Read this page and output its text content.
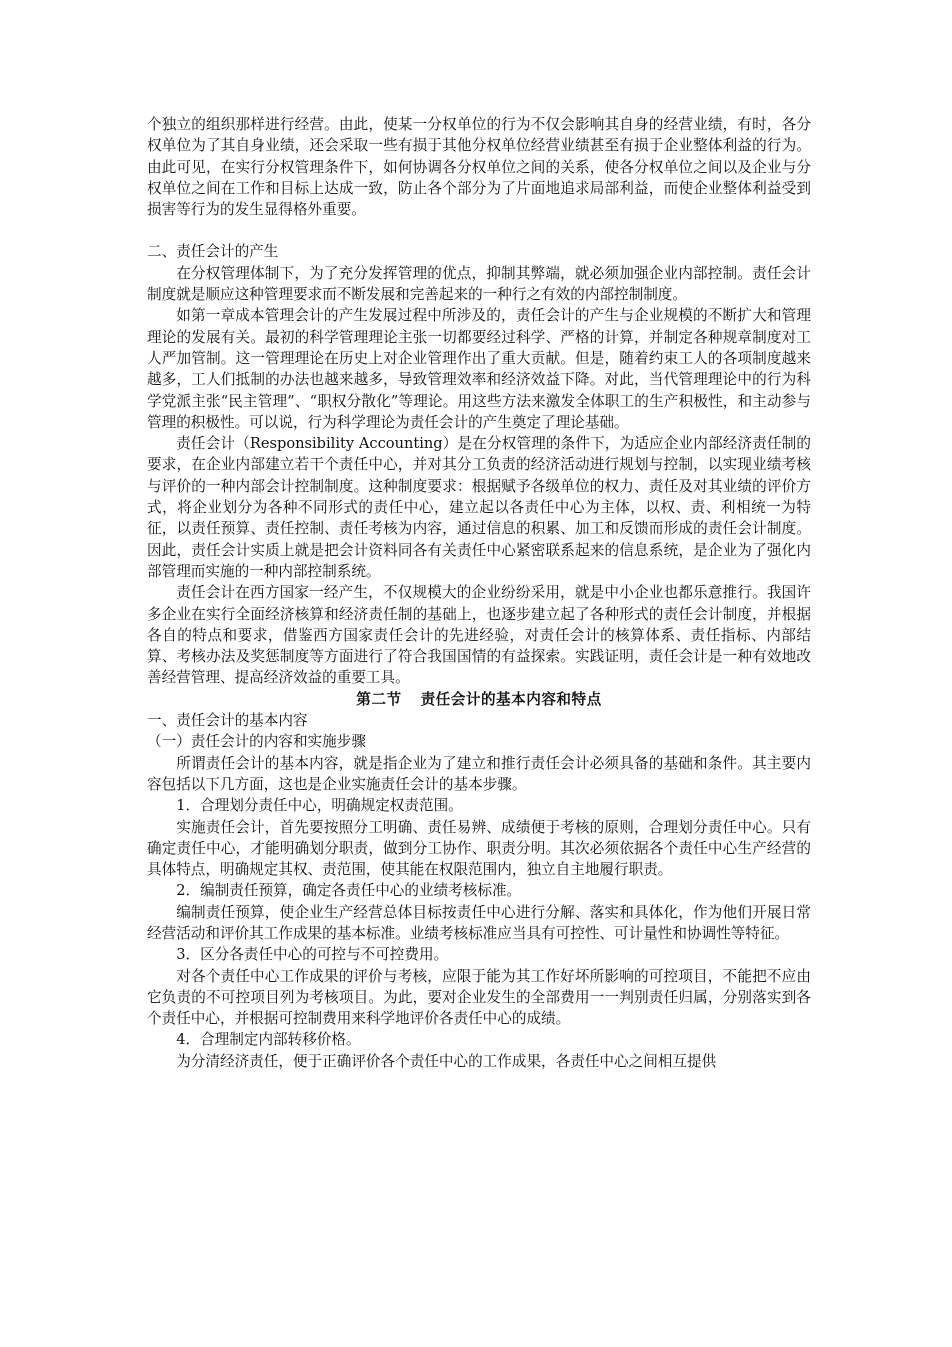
个独立的组织那样进行经营。由此，使某一分权单位的行为不仅会影响其自身的经营业绩，有时，各分权单位为了其自身业绩，还会采取一些有损于其他分权单位经营业绩甚至有损于企业整体利益的行为。由此可见，在实行分权管理条件下，如何协调各分权单位之间的关系，使各分权单位之间以及企业与分权单位之间在工作和目标上达成一致，防止各个部分为了片面地追求局部利益，而使企业整体利益受到损害等行为的发生显得格外重要。

二、责任会计的产生

在分权管理体制下，为了充分发挥管理的优点，抑制其弊端，就必须加强企业内部控制。责任会计制度就是顺应这种管理要求而不断发展和完善起来的一种行之有效的内部控制制度。

如第一章成本管理会计的产生发展过程中所涉及的，责任会计的产生与企业规模的不断扩大和管理理论的发展有关。最初的科学管理理论主张一切都要经过科学、严格的计算，并制定各种规章制度对工人严加管制。这一管理理论在历史上对企业管理作出了重大贡献。但是，随着约束工人的各项制度越来越多，工人们抵制的办法也越来越多，导致管理效率和经济效益下降。对此，当代管理理论中的行为科学党派主张“民主管理”、“职权分散化”等理论。用这些方法来激发全体职工的生产积极性，和主动参与管理的积极性。可以说，行为科学理论为责任会计的产生奠定了理论基础。

责任会计（Responsibility Accounting）是在分权管理的条件下，为适应企业内部经济责任制的要求，在企业内部建立若干个责任中心，并对其分工负责的经济活动进行规划与控制，以实现业绩考核与评价的一种内部会计控制制度。这种制度要求：根据赋予各级单位的权力、责任及对其业绩的评价方式，将企业划分为各种不同形式的责任中心，建立起以各责任中心为主体，以权、责、利相统一为特征，以责任预算、责任控制、责任考核为内容，通过信息的积累、加工和反馈而形成的责任会计制度。因此，责任会计实质上就是把会计资料同各有关责任中心紧密联系起来的信息系统，是企业为了强化内部管理而实施的一种内部控制系统。

责任会计在西方国家一经产生，不仅规模大的企业纷纷采用，就是中小企业也都乐意推行。我国许多企业在实行全面经济核算和经济责任制的基础上，也逐步建立起了各种形式的责任会计制度，并根据各自的特点和要求，借鉴西方国家责任会计的先进经验，对责任会计的核算体系、责任指标、内部结算、考核办法及奖惩制度等方面进行了符合我国国情的有益探索。实践证明，责任会计是一种有效地改善经营管理、提高经济效益的重要工具。

第二节 责任会计的基本内容和特点

一、责任会计的基本内容

（一）责任会计的内容和实施步骤

所谓责任会计的基本内容，就是指企业为了建立和推行责任会计必须具备的基础和条件。其主要内容包括以下几方面，这也是企业实施责任会计的基本步骤。

1．合理划分责任中心，明确规定权责范围。

实施责任会计，首先要按照分工明确、责任易辨、成绩便于考核的原则，合理划分责任中心。只有确定责任中心，才能明确划分职责，做到分工协作、职责分明。其次必须依据各个责任中心生产经营的具体特点，明确规定其权、责范围，使其能在权限范围内，独立自主地履行职责。

2．编制责任预算，确定各责任中心的业绩考核标准。

编制责任预算，使企业生产经营总体目标按责任中心进行分解、落实和具体化，作为他们开展日常经营活动和评价其工作成果的基本标准。业绩考核标准应当具有可控性、可计量性和协调性等特征。

3．区分各责任中心的可控与不可控费用。

对各个责任中心工作成果的评价与考核，应限于能为其工作好坏所影响的可控项目，不能把不应由它负责的不可控项目列为考核项目。为此，要对企业发生的全部费用一一判别责任归属，分别落实到各个责任中心，并根据可控制费用来科学地评价各责任中心的成绩。

4．合理制定内部转移价格。

为分清经济责任，便于正确评价各个责任中心的工作成果，各责任中心之间相互提供
